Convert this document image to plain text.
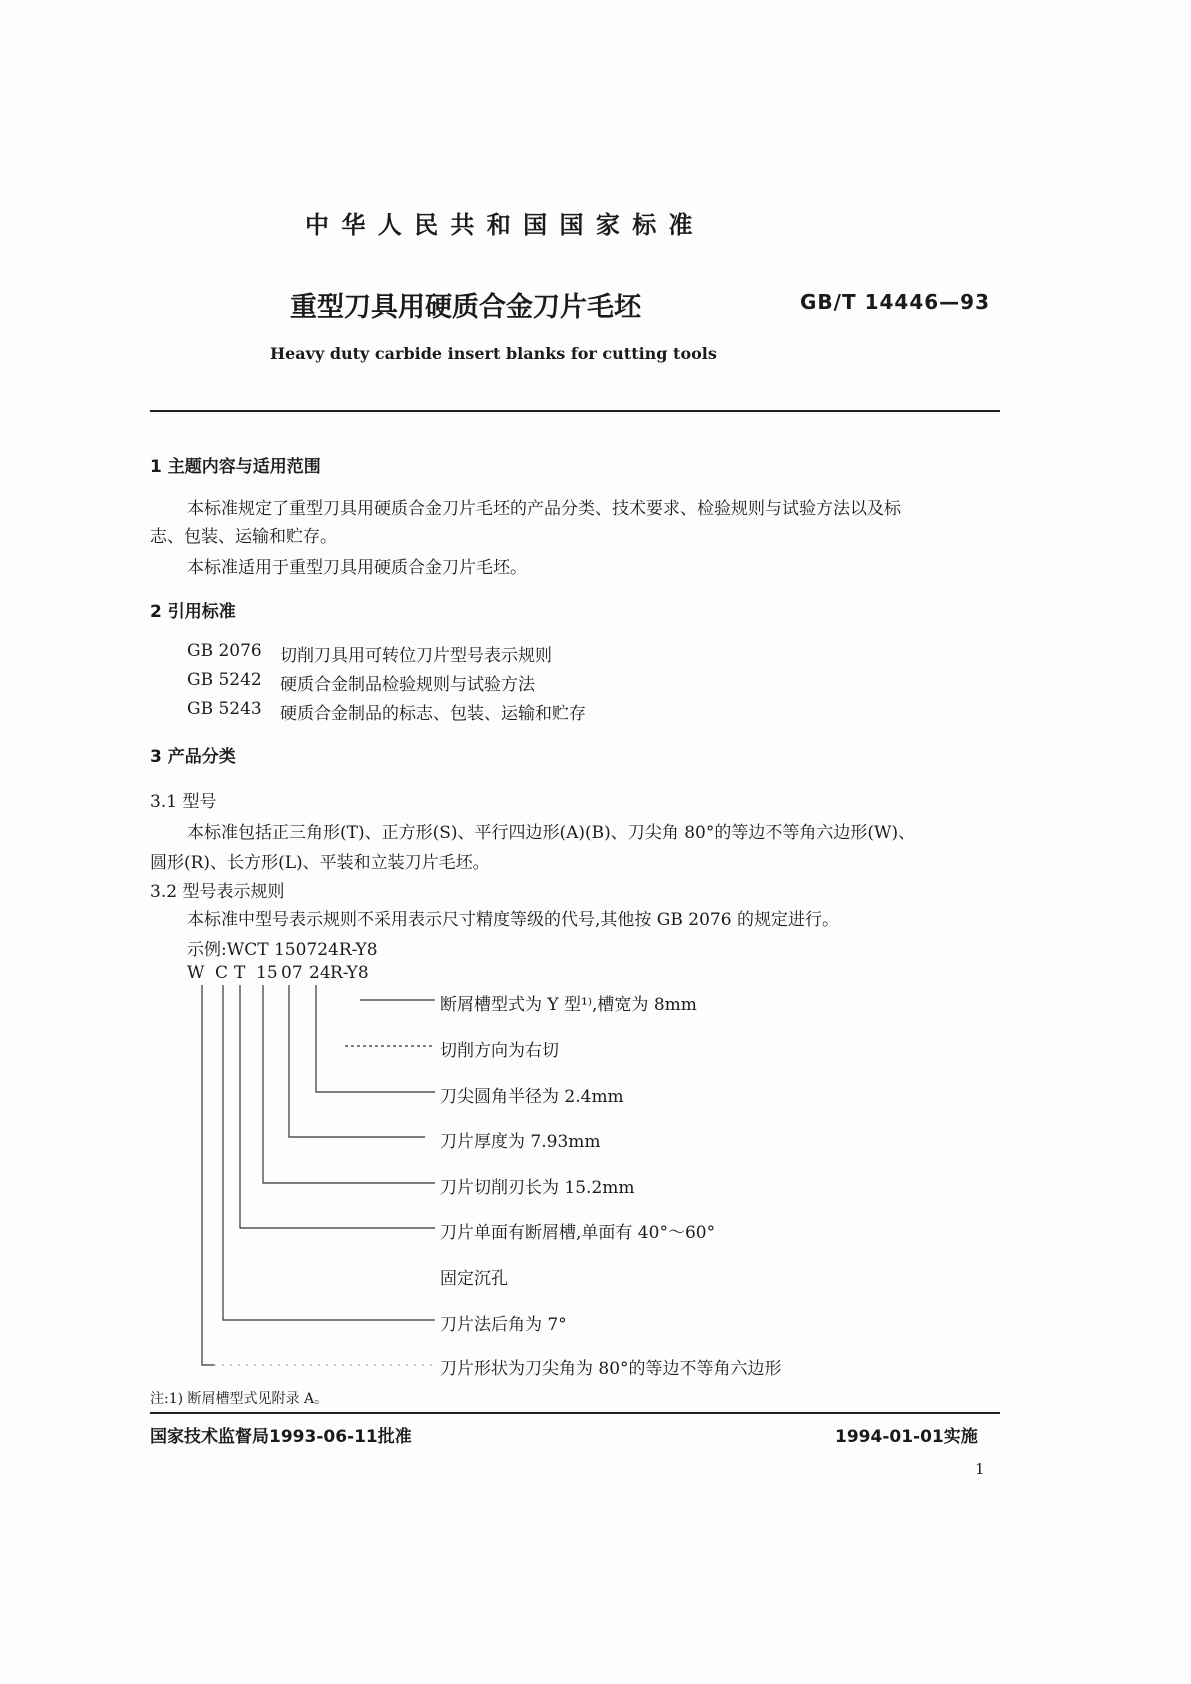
中 华 人 民 共 和 国 国 家 标 准
重型刀具用硬质合金刀片毛坯	GB/T 14446—93
Heavy duty carbide insert blanks for cutting tools
1 主题内容与适用范围
本标准规定了重型刀具用硬质合金刀片毛坯的产品分类、技术要求、检验规则与试验方法以及标
志、包装、运输和贮存。
本标准适用于重型刀具用硬质合金刀片毛坯。
2 引用标准
GB 2076 切削刀具用可转位刀片型号表示规则
GB 5242 硬质合金制品检验规则与试验方法
GB 5243 硬质合金制品的标志、包装、运输和贮存
3 产品分类
3.1 型号
本标准包括正三角形(T)、正方形(S)、平行四边形(A)(B)、刀尖角 80°的等边不等角六边形(W)、
圆形(R)、长方形(L)、平装和立装刀片毛坯。
3.2 型号表示规则
本标准中型号表示规则不采用表示尺寸精度等级的代号,其他按 GB 2076 的规定进行。
示例:WCT 150724R-Y8
W C T 15 07 24 R-Y8
断屑槽型式为 Y 型¹⁾,槽宽为 8mm
切削方向为右切
刀尖圆角半径为 2.4mm
刀片厚度为 7.93mm
刀片切削刃长为 15.2mm
刀片单面有断屑槽,单面有 40°～60°
固定沉孔
刀片法后角为 7°
刀片形状为刀尖角为 80°的等边不等角六边形
注:1) 断屑槽型式见附录 A。
国家技术监督局1993-06-11批准	1994-01-01实施
1
